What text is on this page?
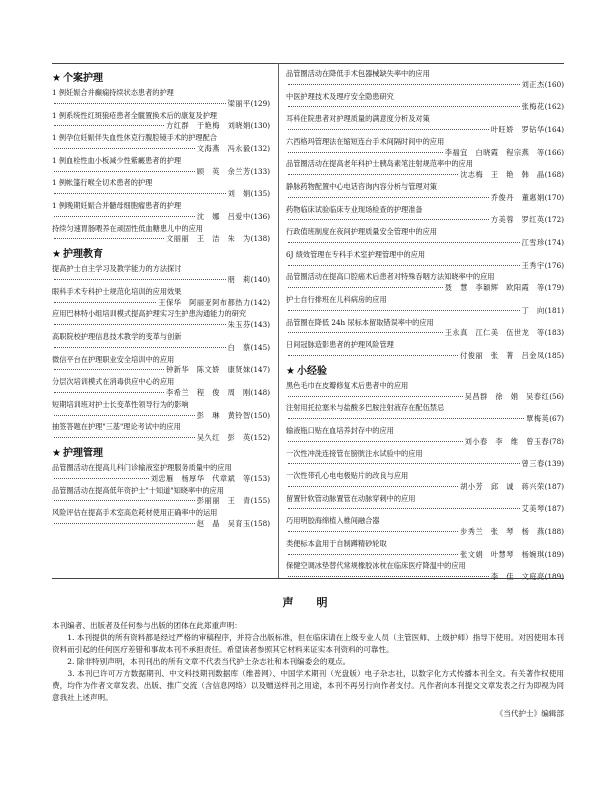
★ 个案护理
1 例妊娠合并癫痫持续状态患者的护理
梁丽平 (129)
1 例系统性红斑狼疮患者全髋置换术后的康复及护理
方红群　于艳梅　刘晓娟 (130)
1 例孕位妊娠伴失血性休克行腹腔镜手术的护理配合
文海燕　冯永毅 (132)
1 例血栓性血小板减少性紫癜患者的护理
顾　英　余兰芳 (133)
1 例帐篷行喉全切术患者的护理
刘　娟 (135)
1 例晚期妊娠合并髓母细胞瘤患者的护理
沈　娜　吕爱中 (136)
持续匀速胃肠喂养在顽固性低血糖患儿中的应用
文丽丽　王　洁　朱　为 (138)
★ 护理教育
提高护士自主学习及教学能力的方法探讨
朋　莉 (140)
眼科手术专科护士规范化培训的应用效果
王保华　阿丽亚阿布都热力 (142)
应用巴林特小组培训模式提高护理实习生护患沟通能力的研究
朱玉芬 (143)
高职院校护理信息技术教学的变革与创新
白　蔡 (145)
微信平台在护理职业安全培训中的应用
钟新华　陈文娇　康贤妹 (147)
分层次培训模式在消毒供应中心的应用
李希兰　程　俊　周　刚 (148)
短期培训班对护士长变革性领导行为的影响
彭　琳　黄铃智 (150)
抽签答题在护理"三基"理论考试中的应用
吴久红　彭　英 (152)
★ 护理管理
品管圈活动在提高儿科门诊输液室护理服务质量中的应用
刘忠雁　杨厚华　代章斌　等 (153)
品管圈活动在提高低年资护士"十知道"知晓率中的应用
彭丽丽　王　青 (155)
风险评估在提高手术室高危耗材使用正确率中的运用
赵　晶　吴育玉 (158)
品管圈活动在降低手术包器械缺失率中的应用
刘正杰 (160)
中医护理技术及理疗安全隐患研究
张梅花 (162)
耳科住院患者对护理质量的满意度分析及对策
叶旺娇　罗钻华 (164)
六西格玛管理法在缩短连台手术间隔时间中的应用
李福宜　白晓霞　程宗燕　等 (166)
品管圈活动在提高老年科护士胰岛素笔注射规范率中的应用
沈志梅　王　艳　韩　晶 (168)
静脉药物配置中心电话咨询内容分析与管理对策
乔俊丹　董惠娟 (170)
药物临床试验临床专业现场检查的护理准备
方美蓉　罗红英 (172)
行政值班制度在夜间护理质量安全管理中的应用
江雪珍 (174)
6J 绩效管理在专科手术室护理管理中的应用
王秀宇 (176)
品管圈活动在提高口腔癌术后患者对特殊吞咽方法知晓率中的应用
聂　慧　李颖辉　欧阳霞　等 (179)
护士自行排班在儿科病房的应用
丁　向 (181)
品管圈在降低 24h 尿标本留取错误率中的应用
王永真　江仁美　伍世龙　等 (183)
日间冠脉造影患者的护理风险管理
付俊丽　张　菁　吕金凤 (185)
★ 小经验
黑色毛巾在皮瓣修复术后患者中的应用
吴昌群　徐　娟　吴春红 (56)
注射用托拉塞米与盐酸多巴胺注射液存在配伍禁忌
覃梅英 (67)
输液瓶口贴在血培养封存中的应用
刘小春　李　维　曾玉春 (78)
一次性冲洗连接管在膀胱注水试验中的应用
曾三春 (139)
一次性带孔心电电极贴片的改良与应用
胡小芳　邱　诚　蒋兴荣 (187)
留置针软管动脉置管在动脉穿刺中的应用
艾美琴 (187)
巧用明胶海绵植入椎间融合器
步秀兰　张　琴　杨　燕 (188)
类便标本盒用于自制蹲精砂轮取
张文娟　叶慧琴　杨婉琪 (189)
保健空调冰垫替代常规橡胶冰枕在临床医疗降温中的应用
李　佳　文庭亮 (189)
声　明

本刊编者、出版者及任何参与出版的团体在此郑重声明：

　　1. 本刊提供的所有资料都是经过严格的审稿程序，并符合出版标准，但在临床请在上级专业人员（主管医师、上级护师）指导下使用。对因使用本刊资料而引起的任何医疗差错和事故本刊不承担责任。希望读者参照其它材料来证实本刊资料的可靠性。

　　2. 除非特别声明，本刊刊出的所有文章不代表当代护士杂志社和本刊编委会的观点。

　　3. 本刊已许可万方数据期刊、中文科技期刊数据库（维普网）、中国学术期刊（光盘版）电子杂志社，以数字化方式传播本刊全文。有关著作权使用费，均作为作者文章发表、出版、推广交流（含信息网络）以及赠送样刊之用途，本刊不再另行向作者支付。凡作者向本刊提交文章发表之行为即视为同意我社上述声明。

《当代护士》编辑部
